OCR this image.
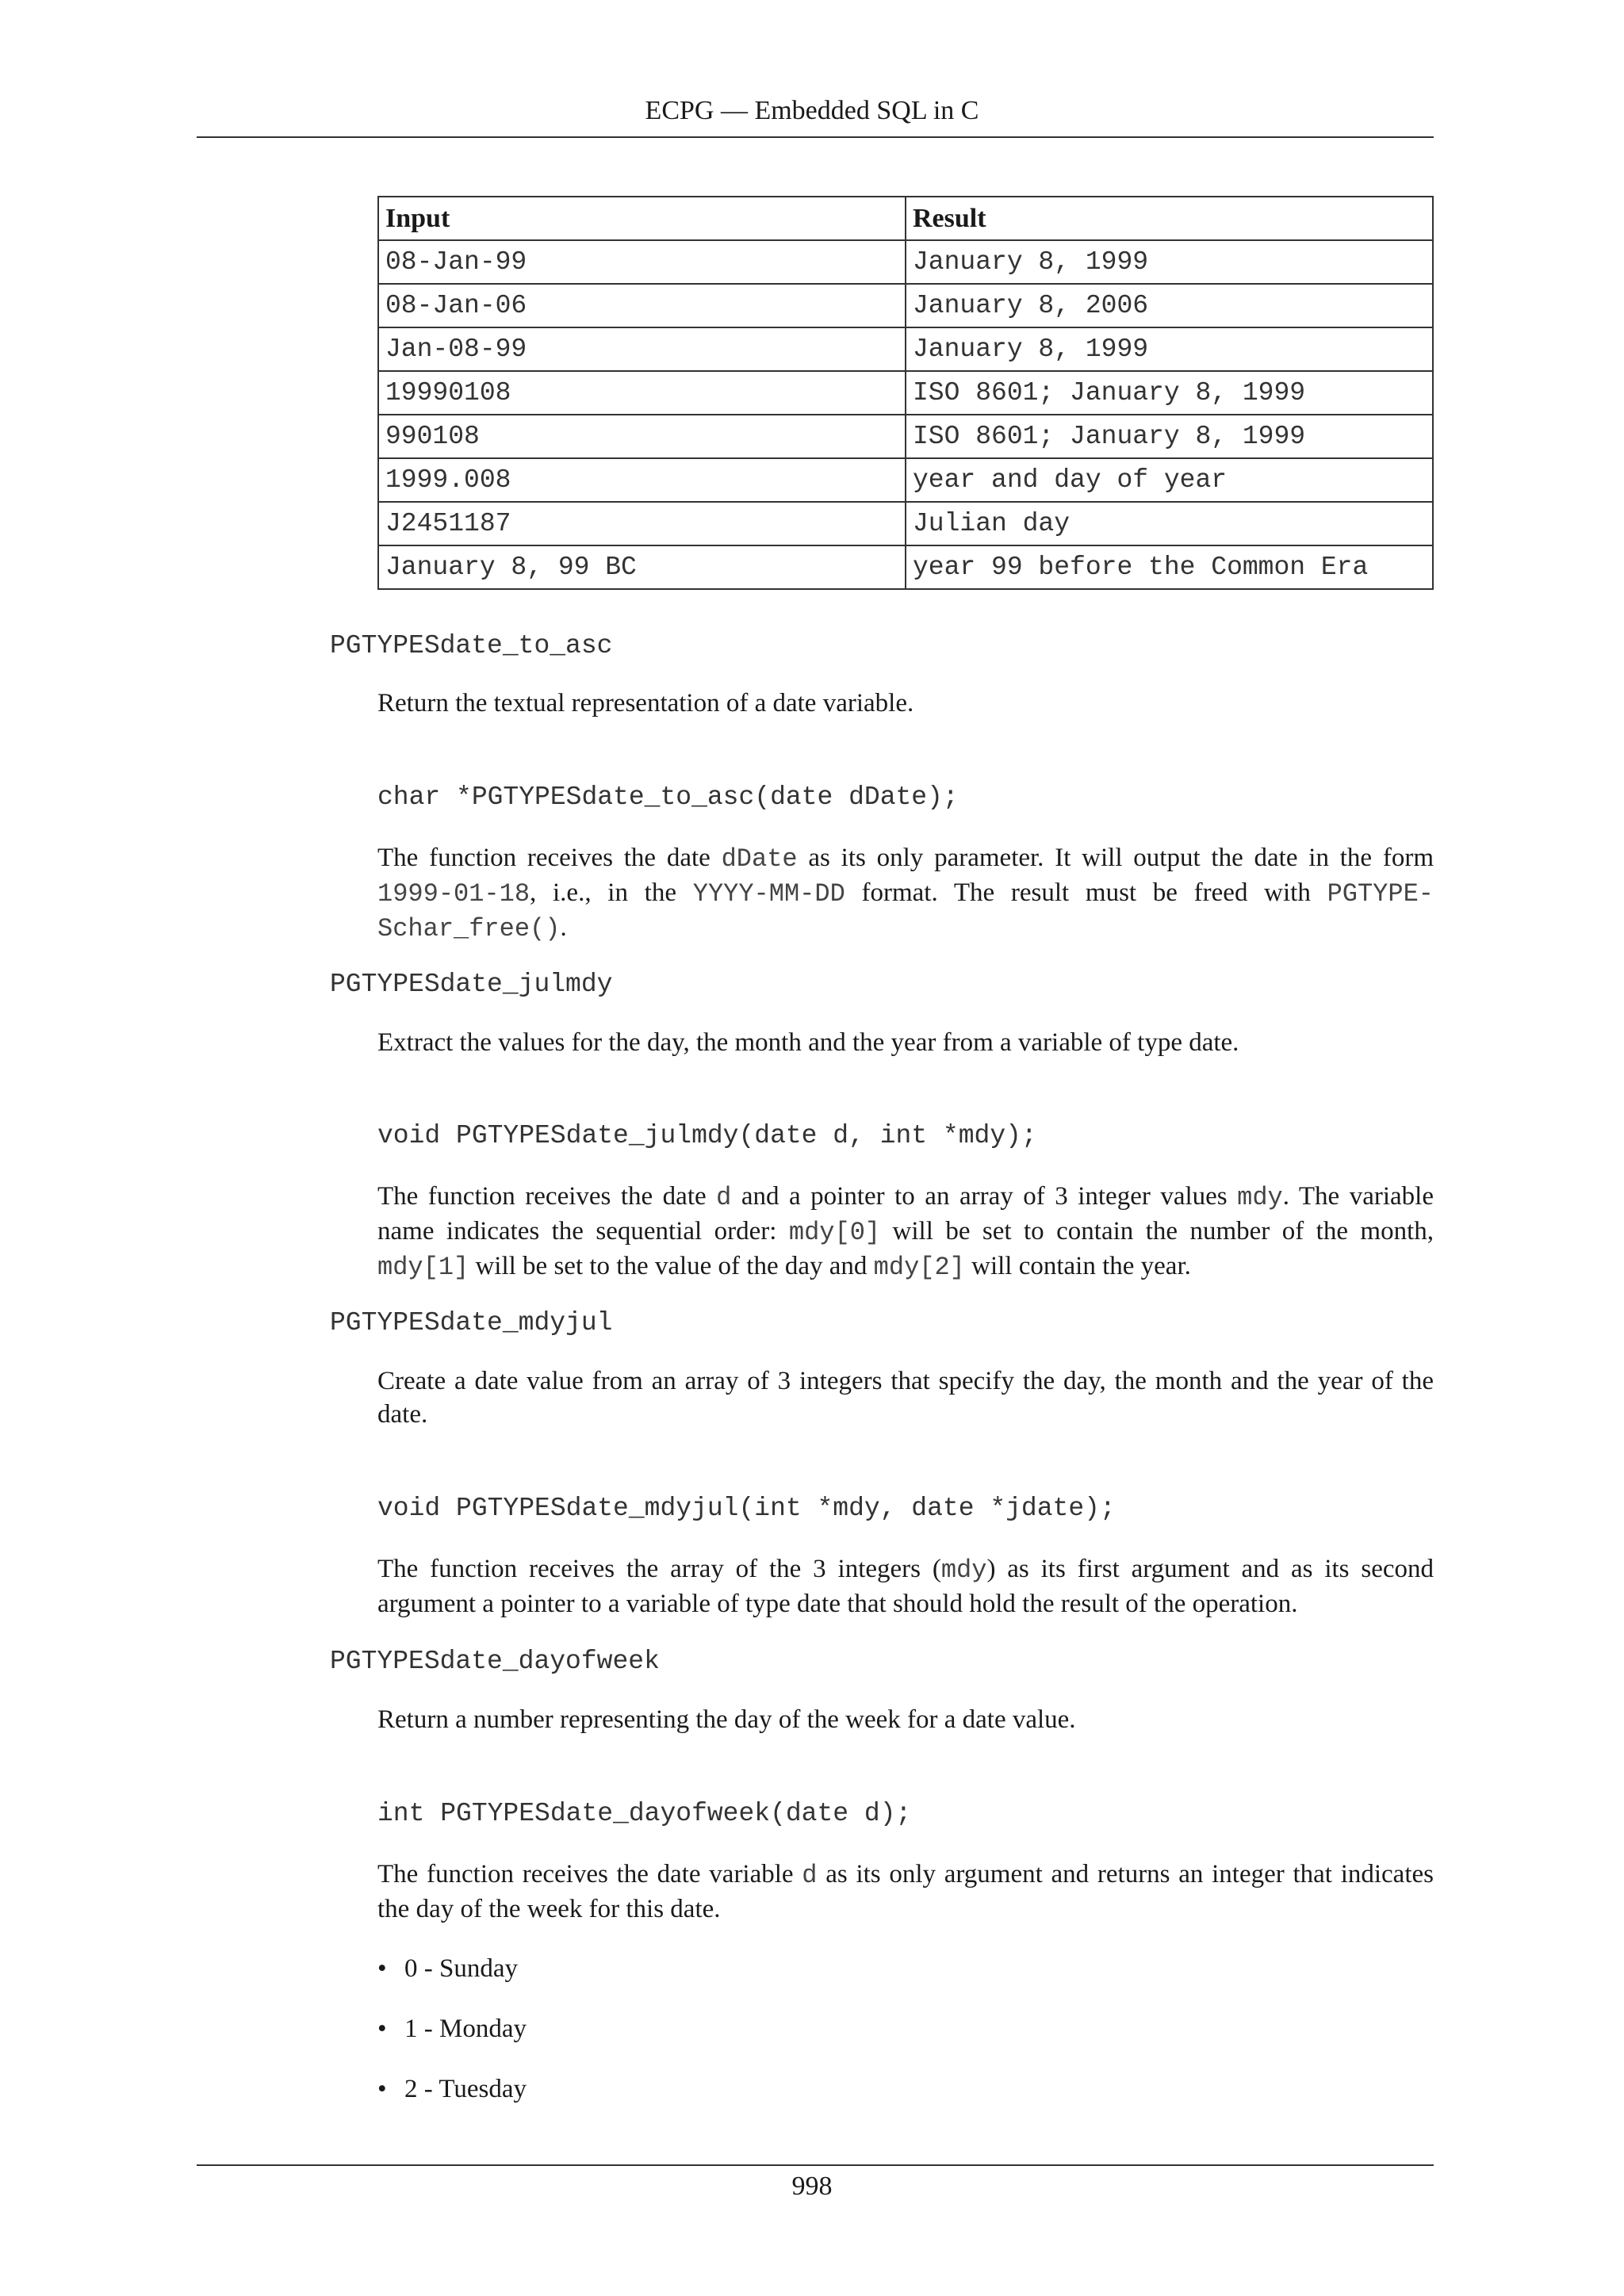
ECPG — Embedded SQL in C
Input	Result
08-Jan-99	January 8, 1999
08-Jan-06	January 8, 2006
Jan-08-99	January 8, 1999
19990108	ISO 8601; January 8, 1999
990108	ISO 8601; January 8, 1999
1999.008	year and day of year
J2451187	Julian day
January 8, 99 BC	year 99 before the Common Era
PGTYPESdate_to_asc

Return the textual representation of a date variable.

char *PGTYPESdate_to_asc(date dDate);

The function receives the date dDate as its only parameter. It will output the date in the form 1999-01-18, i.e., in the YYYY-MM-DD format. The result must be freed with PGTYPE-Schar_free().

PGTYPESdate_julmdy

Extract the values for the day, the month and the year from a variable of type date.

void PGTYPESdate_julmdy(date d, int *mdy);

The function receives the date d and a pointer to an array of 3 integer values mdy. The variable name indicates the sequential order: mdy[0] will be set to contain the number of the month, mdy[1] will be set to the value of the day and mdy[2] will contain the year.

PGTYPESdate_mdyjul

Create a date value from an array of 3 integers that specify the day, the month and the year of the date.

void PGTYPESdate_mdyjul(int *mdy, date *jdate);

The function receives the array of the 3 integers (mdy) as its first argument and as its second argument a pointer to a variable of type date that should hold the result of the operation.

PGTYPESdate_dayofweek

Return a number representing the day of the week for a date value.

int PGTYPESdate_dayofweek(date d);

The function receives the date variable d as its only argument and returns an integer that indicates the day of the week for this date.

• 0 - Sunday
• 1 - Monday
• 2 - Tuesday
998
